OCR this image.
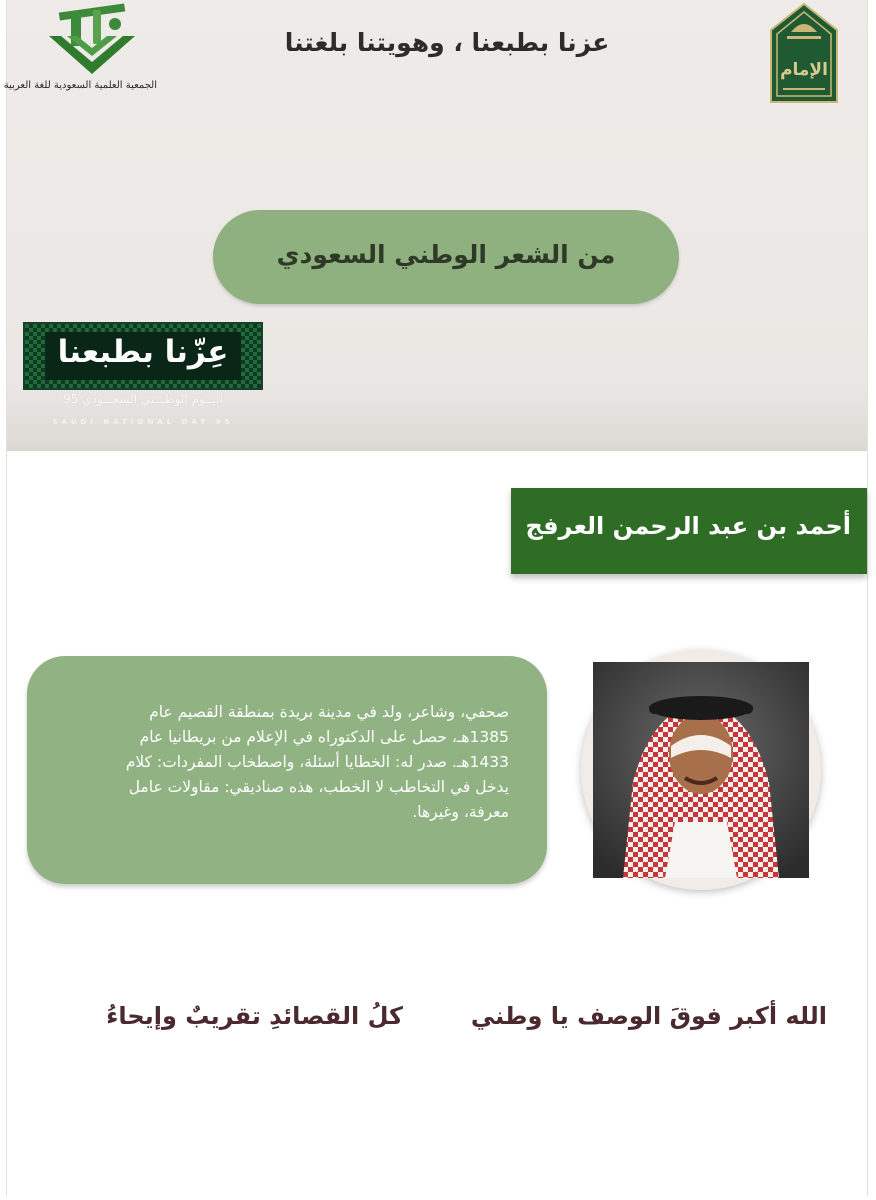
الجمعية العلمية السعودية للغة العربية
الإمام
عزنا بطبعنا ، وهويتنا بلغتنا
من الشعر الوطني السعودي
عِزّنا بطبعنا
اليــوم الوطـــني السعـــودي 95
SAUDI NATIONAL DAY 95
أحمد بن عبد الرحمن العرفج
صحفي، وشاعر، ولد في مدينة بريدة بمنطقة القصيم عام
1385هـ، حصل على الدكتوراه في الإعلام من بريطانيا عام
1433هـ. صدر له: الخطايا أسئلة، واصطخاب المفردات: كلام
يدخل في التخاطب لا الخطب، هذه صناديقي: مقاولات عامل
معرفة، وغيرها.
الله أكبر فوقَ الوصف يا وطني
كلُ القصائدِ تقريبٌ وإيحاءُ
